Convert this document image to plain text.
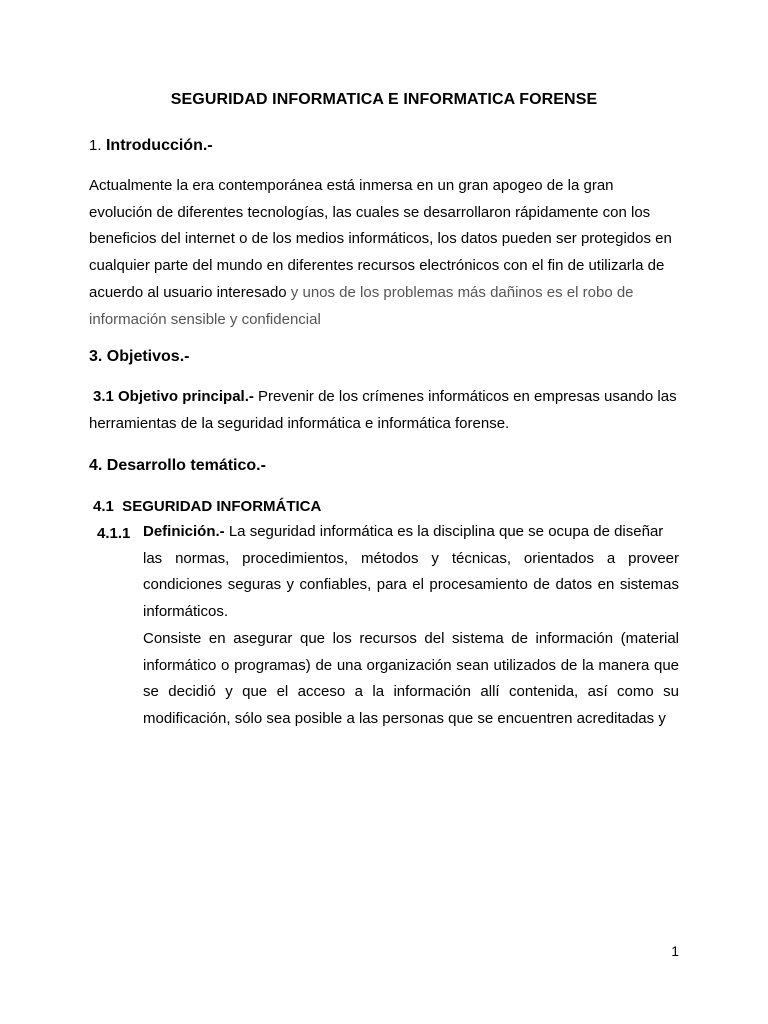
SEGURIDAD INFORMATICA E INFORMATICA FORENSE
1. Introducción.-
Actualmente la era contemporánea está inmersa en un gran apogeo de la gran
evolución de diferentes tecnologías, las cuales se desarrollaron rápidamente con los
beneficios del internet o de los medios informáticos, los datos pueden ser protegidos en
cualquier parte del mundo en diferentes recursos electrónicos con el fin de utilizarla de
acuerdo al usuario interesado y unos de los problemas más dañinos es el robo de
información sensible y confidencial
3. Objetivos.-
3.1 Objetivo principal.- Prevenir de los crímenes informáticos en empresas usando las
herramientas de la seguridad informática e informática forense.
4. Desarrollo temático.-
4.1  SEGURIDAD INFORMÁTICA
4.1.1 Definición.- La seguridad informática es la disciplina que se ocupa de diseñar
las normas, procedimientos, métodos y técnicas, orientados a proveer
condiciones seguras y confiables, para el procesamiento de datos en sistemas
informáticos.
Consiste en asegurar que los recursos del sistema de información (material
informático o programas) de una organización sean utilizados de la manera que
se decidió y que el acceso a la información allí contenida, así como su
modificación, sólo sea posible a las personas que se encuentren acreditadas y
1
